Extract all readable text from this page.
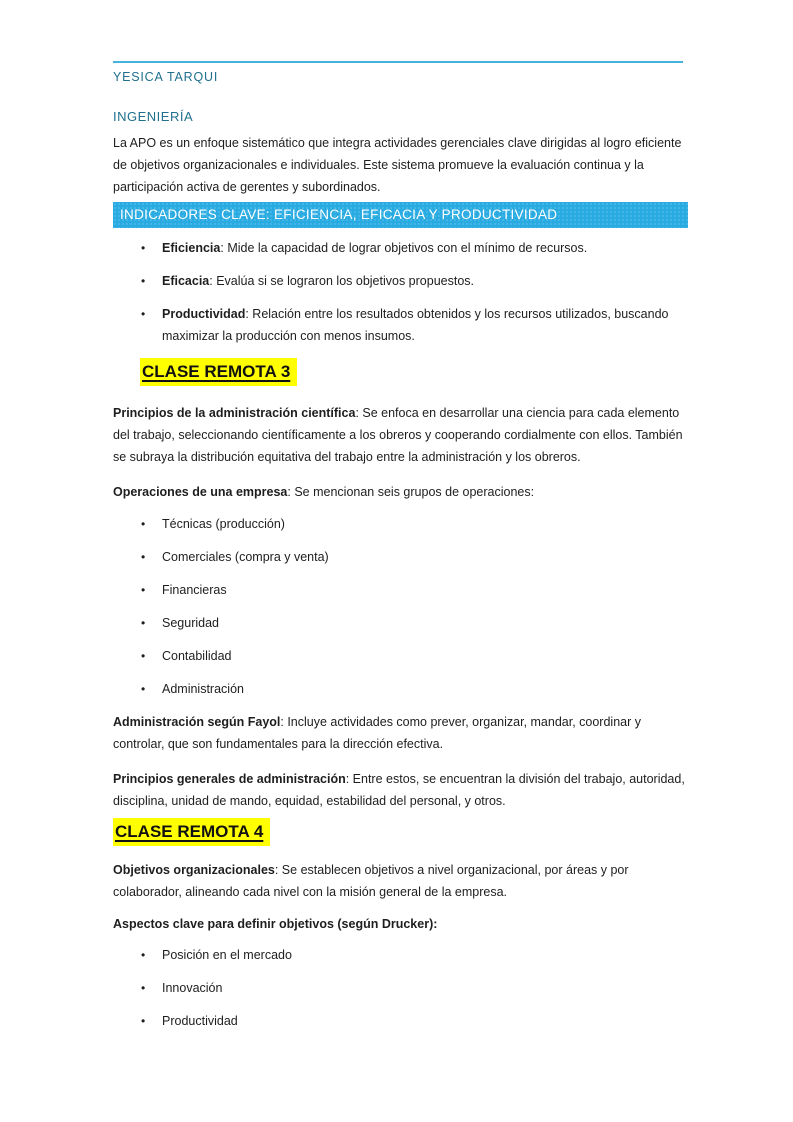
YESICA TARQUI
INGENIERÍA

La APO es un enfoque sistemático que integra actividades gerenciales clave dirigidas al logro eficiente de objetivos organizacionales e individuales. Este sistema promueve la evaluación continua y la participación activa de gerentes y subordinados.

INDICADORES CLAVE: EFICIENCIA, EFICACIA Y PRODUCTIVIDAD
• Eficiencia: Mide la capacidad de lograr objetivos con el mínimo de recursos.
• Eficacia: Evalúa si se lograron los objetivos propuestos.
• Productividad: Relación entre los resultados obtenidos y los recursos utilizados, buscando maximizar la producción con menos insumos.
CLASE REMOTA 3

Principios de la administración científica: Se enfoca en desarrollar una ciencia para cada elemento del trabajo, seleccionando científicamente a los obreros y cooperando cordialmente con ellos. También se subraya la distribución equitativa del trabajo entre la administración y los obreros.

Operaciones de una empresa: Se mencionan seis grupos de operaciones:

• Técnicas (producción)
• Comerciales (compra y venta)
• Financieras
• Seguridad
• Contabilidad
• Administración

Administración según Fayol: Incluye actividades como prever, organizar, mandar, coordinar y controlar, que son fundamentales para la dirección efectiva.

Principios generales de administración: Entre estos, se encuentran la división del trabajo, autoridad, disciplina, unidad de mando, equidad, estabilidad del personal, y otros.

CLASE REMOTA 4

Objetivos organizacionales: Se establecen objetivos a nivel organizacional, por áreas y por colaborador, alineando cada nivel con la misión general de la empresa.

Aspectos clave para definir objetivos (según Drucker):

• Posición en el mercado
• Innovación
• Productividad
